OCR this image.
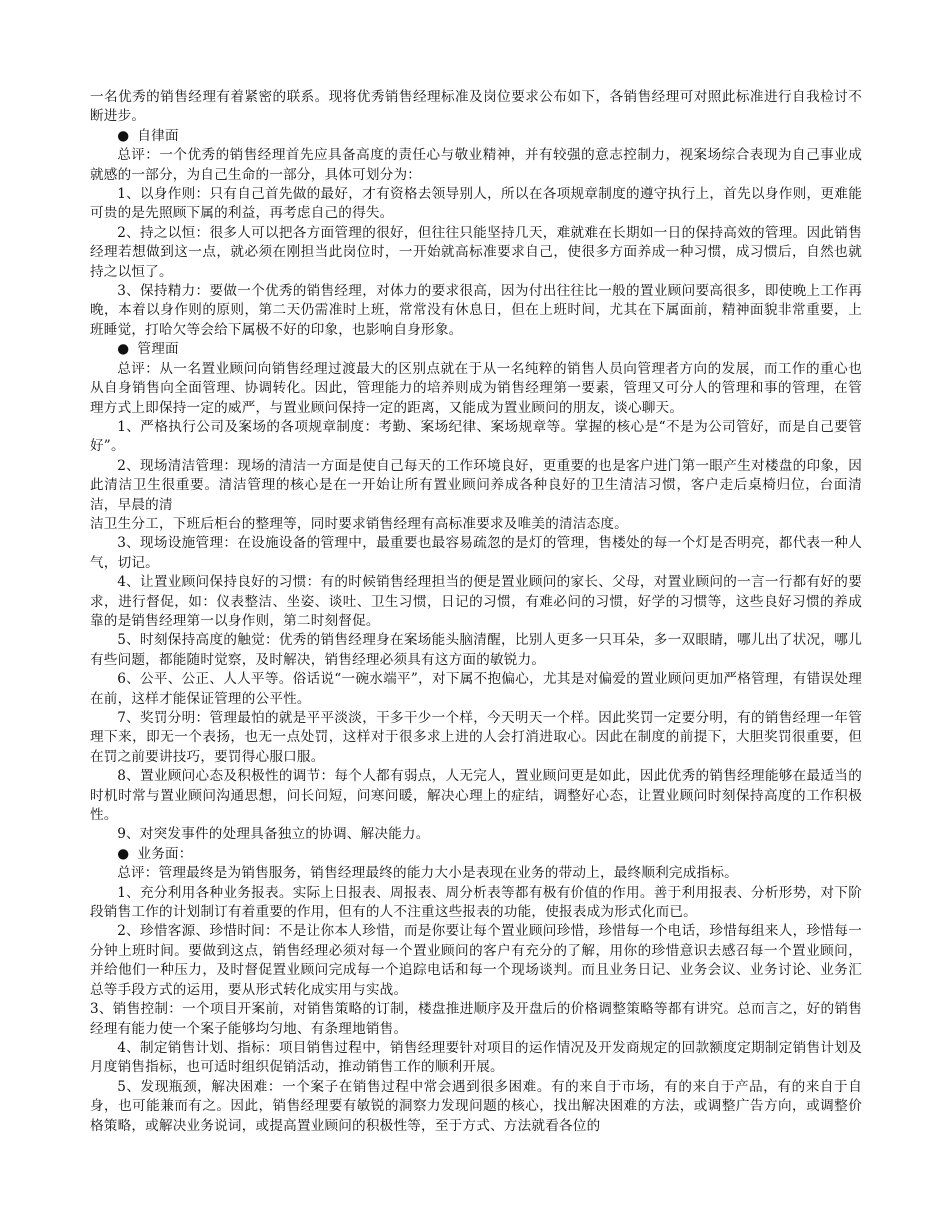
一名优秀的销售经理有着紧密的联系。现将优秀销售经理标准及岗位要求公布如下，各销售经理可对照此标准进行自我检讨不断进步。

● 自律面

总评：一个优秀的销售经理首先应具备高度的责任心与敬业精神，并有较强的意志控制力，视案场综合表现为自己事业成就感的一部分，为自己生命的一部分，具体可划分为：

1、以身作则：只有自己首先做的最好，才有资格去领导别人，所以在各项规章制度的遵守执行上，首先以身作则，更难能可贵的是先照顾下属的利益，再考虑自己的得失。

2、持之以恒：很多人可以把各方面管理的很好，但往往只能坚持几天，难就难在长期如一日的保持高效的管理。因此销售经理若想做到这一点，就必须在刚担当此岗位时，一开始就高标准要求自己，使很多方面养成一种习惯，成习惯后，自然也就持之以恒了。

3、保持精力：要做一个优秀的销售经理，对体力的要求很高，因为付出往往比一般的置业顾问要高很多，即使晚上工作再晚，本着以身作则的原则，第二天仍需准时上班，常常没有休息日，但在上班时间，尤其在下属面前，精神面貌非常重要，上班睡觉，打哈欠等会给下属极不好的印象，也影响自身形象。

● 管理面

总评：从一名置业顾问向销售经理过渡最大的区别点就在于从一名纯粹的销售人员向管理者方向的发展，而工作的重心也从自身销售向全面管理、协调转化。因此，管理能力的培养则成为销售经理第一要素，管理又可分人的管理和事的管理，在管理方式上即保持一定的威严，与置业顾问保持一定的距离，又能成为置业顾问的朋友，谈心聊天。

1、严格执行公司及案场的各项规章制度：考勤、案场纪律、案场规章等。掌握的核心是“不是为公司管好，而是自己要管好”。

2、现场清洁管理：现场的清洁一方面是使自己每天的工作环境良好，更重要的也是客户进门第一眼产生对楼盘的印象，因此清洁卫生很重要。清洁管理的核心是在一开始让所有置业顾问养成各种良好的卫生清洁习惯，客户走后桌椅归位，台面清洁，早晨的清

洁卫生分工，下班后柜台的整理等，同时要求销售经理有高标准要求及唯美的清洁态度。

3、现场设施管理：在设施设备的管理中，最重要也最容易疏忽的是灯的管理，售楼处的每一个灯是否明亮，都代表一种人气，切记。

4、让置业顾问保持良好的习惯：有的时候销售经理担当的便是置业顾问的家长、父母，对置业顾问的一言一行都有好的要求，进行督促，如：仪表整洁、坐姿、谈吐、卫生习惯，日记的习惯，有难必问的习惯，好学的习惯等，这些良好习惯的养成靠的是销售经理第一以身作则，第二时刻督促。

5、时刻保持高度的触觉：优秀的销售经理身在案场能头脑清醒，比别人更多一只耳朵，多一双眼睛，哪儿出了状况，哪儿有些问题，都能随时觉察，及时解决，销售经理必须具有这方面的敏锐力。

6、公平、公正、人人平等。俗话说“一碗水端平”，对下属不抱偏心，尤其是对偏爱的置业顾问更加严格管理，有错误处理在前，这样才能保证管理的公平性。

7、奖罚分明：管理最怕的就是平平淡淡，干多干少一个样，今天明天一个样。因此奖罚一定要分明，有的销售经理一年管理下来，即无一个表扬，也无一点处罚，这样对于很多求上进的人会打消进取心。因此在制度的前提下，大胆奖罚很重要，但在罚之前要讲技巧，要罚得心服口服。

8、置业顾问心态及积极性的调节：每个人都有弱点，人无完人，置业顾问更是如此，因此优秀的销售经理能够在最适当的时机时常与置业顾问沟通思想，问长问短，问寒问暖，解决心理上的症结，调整好心态，让置业顾问时刻保持高度的工作积极性。

9、对突发事件的处理具备独立的协调、解决能力。

● 业务面：

总评：管理最终是为销售服务，销售经理最终的能力大小是表现在业务的带动上，最终顺利完成指标。

1、充分利用各种业务报表。实际上日报表、周报表、周分析表等都有极有价值的作用。善于利用报表、分析形势，对下阶段销售工作的计划制订有着重要的作用，但有的人不注重这些报表的功能，使报表成为形式化而已。

2、珍惜客源、珍惜时间：不是让你本人珍惜，而是你要让每个置业顾问珍惜，珍惜每一个电话，珍惜每组来人，珍惜每一分钟上班时间。要做到这点，销售经理必须对每一个置业顾问的客户有充分的了解，用你的珍惜意识去感召每一个置业顾问，并给他们一种压力，及时督促置业顾问完成每一个追踪电话和每一个现场谈判。而且业务日记、业务会议、业务讨论、业务汇总等手段方式的运用，要从形式转化成实用与实战。

3、销售控制：一个项目开案前，对销售策略的订制，楼盘推进顺序及开盘后的价格调整策略等都有讲究。总而言之，好的销售经理有能力使一个案子能够均匀地、有条理地销售。

4、制定销售计划、指标：项目销售过程中，销售经理要针对项目的运作情况及开发商规定的回款额度定期制定销售计划及月度销售指标，也可适时组织促销活动，推动销售工作的顺利开展。

5、发现瓶颈，解决困难：一个案子在销售过程中常会遇到很多困难。有的来自于市场，有的来自于产品，有的来自于自身，也可能兼而有之。因此，销售经理要有敏锐的洞察力发现问题的核心，找出解决困难的方法，或调整广告方向，或调整价格策略，或解决业务说词，或提高置业顾问的积极性等，至于方式、方法就看各位的
